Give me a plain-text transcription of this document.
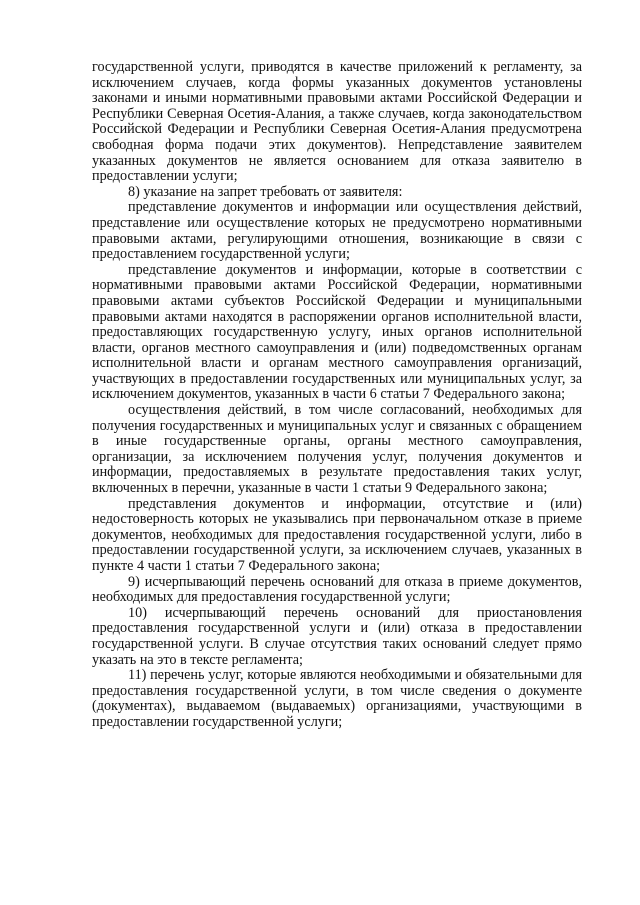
государственной услуги, приводятся в качестве приложений к регламенту, за исключением случаев, когда формы указанных документов установлены законами и иными нормативными правовыми актами Российской Федерации и Республики Северная Осетия-Алания, а также случаев, когда законодательством Российской Федерации и Республики Северная Осетия-Алания предусмотрена свободная форма подачи этих документов). Непредставление заявителем указанных документов не является основанием для отказа заявителю в предоставлении услуги;

8) указание на запрет требовать от заявителя:

представление документов и информации или осуществления действий, представление или осуществление которых не предусмотрено нормативными правовыми актами, регулирующими отношения, возникающие в связи с предоставлением государственной услуги;

представление документов и информации, которые в соответствии с нормативными правовыми актами Российской Федерации, нормативными правовыми актами субъектов Российской Федерации и муниципальными правовыми актами находятся в распоряжении органов исполнительной власти, предоставляющих государственную услугу, иных органов исполнительной власти, органов местного самоуправления и (или) подведомственных органам исполнительной власти и органам местного самоуправления организаций, участвующих в предоставлении государственных или муниципальных услуг, за исключением документов, указанных в части 6 статьи 7 Федерального закона;

осуществления действий, в том числе согласований, необходимых для получения государственных и муниципальных услуг и связанных с обращением в иные государственные органы, органы местного самоуправления, организации, за исключением получения услуг, получения документов и информации, предоставляемых в результате предоставления таких услуг, включенных в перечни, указанные в части 1 статьи 9 Федерального закона;

представления документов и информации, отсутствие и (или) недостоверность которых не указывались при первоначальном отказе в приеме документов, необходимых для предоставления государственной услуги, либо в предоставлении государственной услуги, за исключением случаев, указанных в пункте 4 части 1 статьи 7 Федерального закона;

9) исчерпывающий перечень оснований для отказа в приеме документов, необходимых для предоставления государственной услуги;

10) исчерпывающий перечень оснований для приостановления предоставления государственной услуги и (или) отказа в предоставлении государственной услуги. В случае отсутствия таких оснований следует прямо указать на это в тексте регламента;

11) перечень услуг, которые являются необходимыми и обязательными для предоставления государственной услуги, в том числе сведения о документе (документах), выдаваемом (выдаваемых) организациями, участвующими в предоставлении государственной услуги;
